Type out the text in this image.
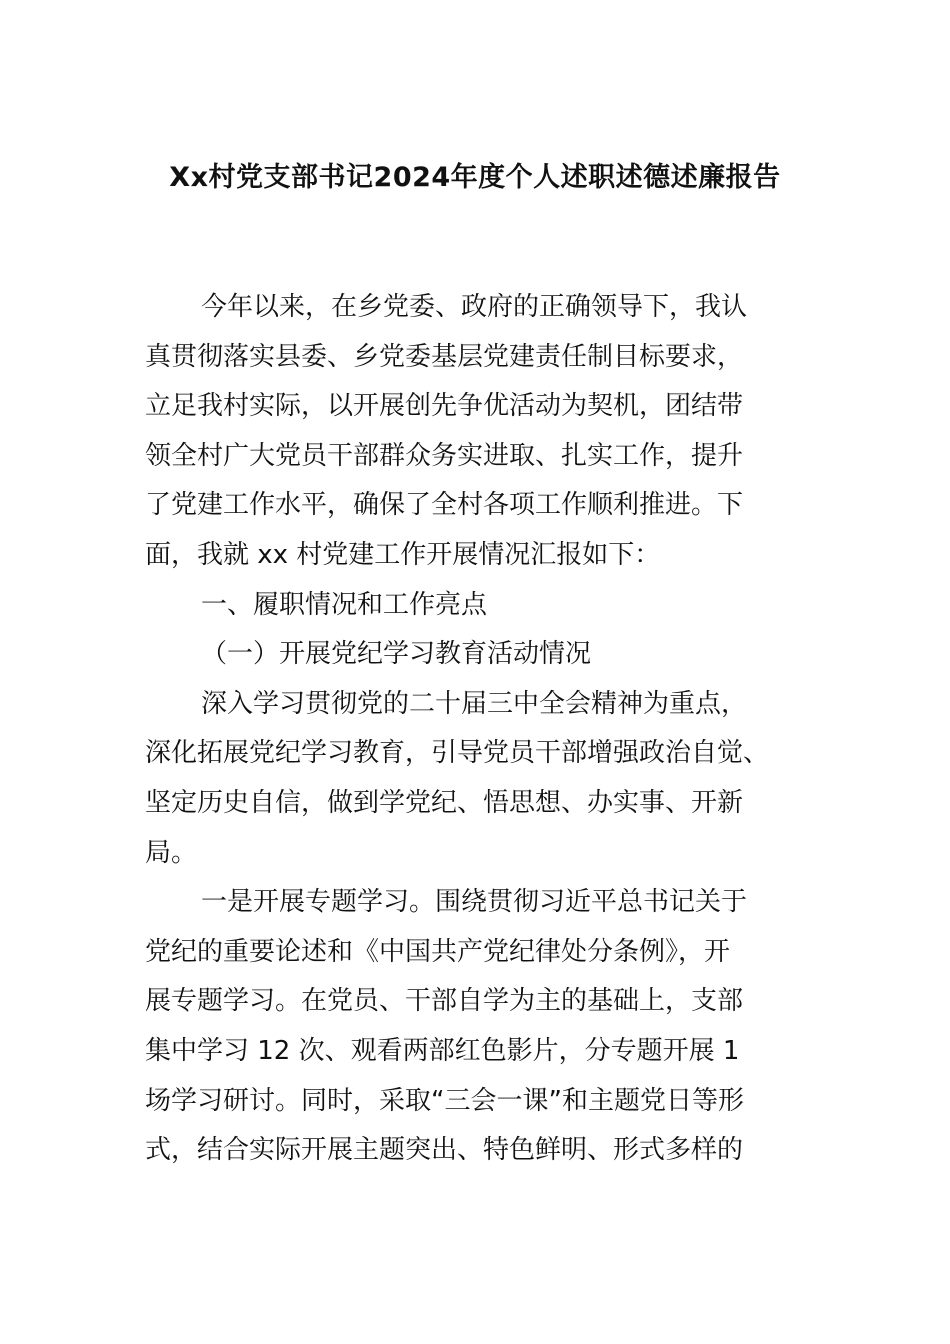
Xx村党支部书记2024年度个人述职述德述廉报告
今年以来，在乡党委、政府的正确领导下，我认
真贯彻落实县委、乡党委基层党建责任制目标要求，
立足我村实际，以开展创先争优活动为契机，团结带
领全村广大党员干部群众务实进取、扎实工作，提升
了党建工作水平，确保了全村各项工作顺利推进。下
面，我就 xx 村党建工作开展情况汇报如下：
一、履职情况和工作亮点
（一）开展党纪学习教育活动情况
深入学习贯彻党的二十届三中全会精神为重点，
深化拓展党纪学习教育，引导党员干部增强政治自觉、
坚定历史自信，做到学党纪、悟思想、办实事、开新
局。
一是开展专题学习。围绕贯彻习近平总书记关于
党纪的重要论述和《中国共产党纪律处分条例》，开
展专题学习。在党员、干部自学为主的基础上，支部
集中学习 12 次、观看两部红色影片，分专题开展 1
场学习研讨。同时，采取“三会一课”和主题党日等形
式，结合实际开展主题突出、特色鲜明、形式多样的
